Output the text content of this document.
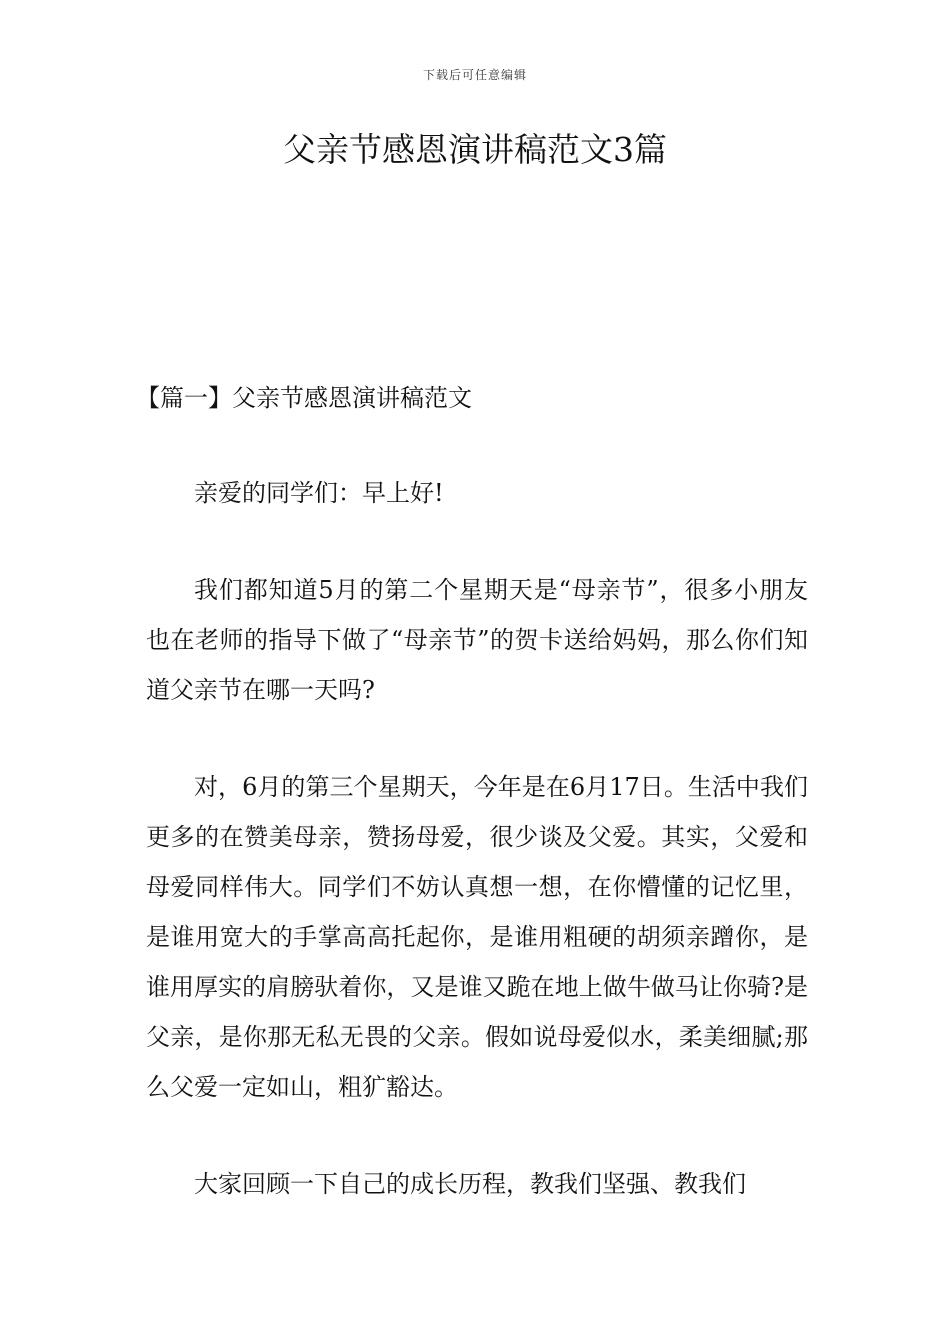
下载后可任意编辑
父亲节感恩演讲稿范文3篇
【篇一】父亲节感恩演讲稿范文

亲爱的同学们：早上好!

我们都知道5月的第二个星期天是“母亲节”，很多小朋友也在老师的指导下做了“母亲节”的贺卡送给妈妈，那么你们知道父亲节在哪一天吗?

对，6月的第三个星期天，今年是在6月17日。生活中我们更多的在赞美母亲，赞扬母爱，很少谈及父爱。其实，父爱和母爱同样伟大。同学们不妨认真想一想，在你懵懂的记忆里，是谁用宽大的手掌高高托起你，是谁用粗硬的胡须亲蹭你，是谁用厚实的肩膀驮着你，又是谁又跪在地上做牛做马让你骑?是父亲，是你那无私无畏的父亲。假如说母爱似水，柔美细腻;那么父爱一定如山，粗犷豁达。

大家回顾一下自己的成长历程，教我们坚强、教我们
